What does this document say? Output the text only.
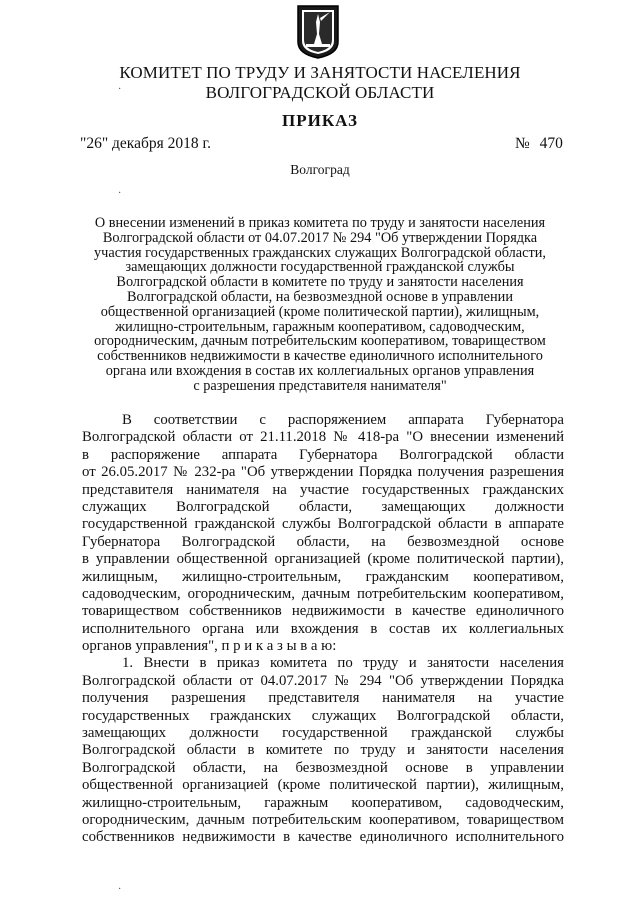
КОМИТЕТ ПО ТРУДУ И ЗАНЯТОСТИ НАСЕЛЕНИЯ
ВОЛГОГРАДСКОЙ ОБЛАСТИ
ПРИКАЗ
"26" декабря 2018 г.	№ 470
Волгоград
·
·
О внесении изменений в приказ комитета по труду и занятости населения
Волгоградской области от 04.07.2017 № 294 "Об утверждении Порядка
участия государственных гражданских служащих Волгоградской области,
замещающих должности государственной гражданской службы
Волгоградской области в комитете по труду и занятости населения
Волгоградской области, на безвозмездной основе в управлении
общественной организацией (кроме политической партии), жилищным,
жилищно-строительным, гаражным кооперативом, садоводческим,
огородническим, дачным потребительским кооперативом, товариществом
собственников недвижимости в качестве единоличного исполнительного
органа или вхождения в состав их коллегиальных органов управления
с разрешения представителя нанимателя"
В соответствии с распоряжением аппарата Губернатора
Волгоградской области от 21.11.2018 № 418-ра "О внесении изменений
в распоряжение аппарата Губернатора Волгоградской области
от 26.05.2017 № 232-ра "Об утверждении Порядка получения разрешения
представителя нанимателя на участие государственных гражданских
служащих Волгоградской области, замещающих должности
государственной гражданской службы Волгоградской области в аппарате
Губернатора Волгоградской области, на безвозмездной основе
в управлении общественной организацией (кроме политической партии),
жилищным, жилищно-строительным, гражданским кооперативом,
садоводческим, огородническим, дачным потребительским кооперативом,
товариществом собственников недвижимости в качестве единоличного
исполнительного органа или вхождения в состав их коллегиальных
органов управления", п р и к а з ы в а ю:
1. Внести в приказ комитета по труду и занятости населения
Волгоградской области от 04.07.2017 № 294 "Об утверждении Порядка
получения разрешения представителя нанимателя на участие
государственных гражданских служащих Волгоградской области,
замещающих должности государственной гражданской службы
Волгоградской области в комитете по труду и занятости населения
Волгоградской области, на безвозмездной основе в управлении
общественной организацией (кроме политической партии), жилищным,
жилищно-строительным, гаражным кооперативом, садоводческим,
огородническим, дачным потребительским кооперативом, товариществом
собственников недвижимости в качестве единоличного исполнительного
·
